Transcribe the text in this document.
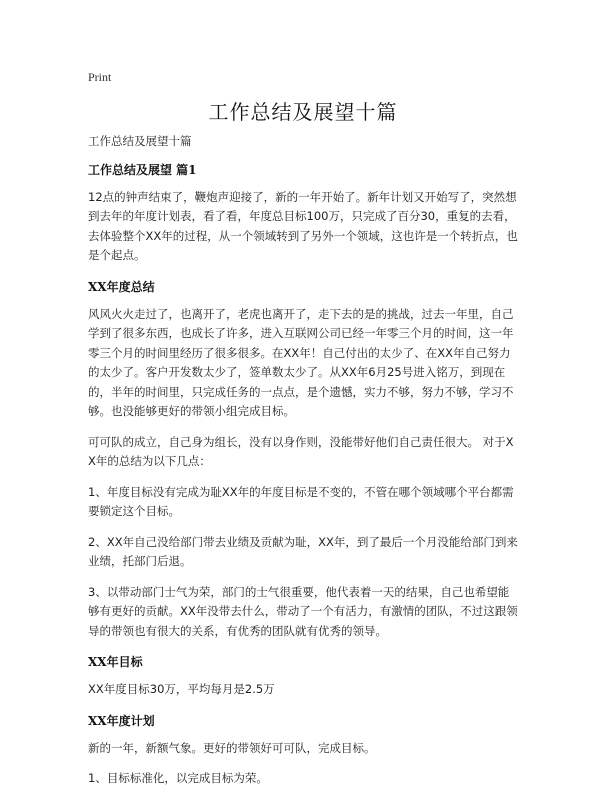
Print
工作总结及展望十篇

工作总结及展望十篇

工作总结及展望 篇1

12点的钟声结束了，鞭炮声迎接了，新的一年开始了。新年计划又开始写了，突然想到去年的年度计划表，看了看，年度总目标100万，只完成了百分30，重复的去看，去体验整个XX年的过程，从一个领域转到了另外一个领域，这也许是一个转折点，也是个起点。

XX年度总结

风风火火走过了，也离开了，老虎也离开了，走下去的是的挑战，过去一年里，自己学到了很多东西，也成长了许多，进入互联网公司已经一年零三个月的时间，这一年零三个月的时间里经历了很多很多。在XX年！自己付出的太少了、在XX年自己努力的太少了。客户开发数太少了，签单数太少了。从XX年6月25号进入铭万，到现在的，半年的时间里，只完成任务的一点点，是个遗憾，实力不够，努力不够，学习不够。也没能够更好的带领小组完成目标。

可可队的成立，自己身为组长，没有以身作则，没能带好他们自己责任很大。 对于XX年的总结为以下几点：

1、年度目标没有完成为耻XX年的年度目标是不变的，不管在哪个领域哪个平台都需要锁定这个目标。

2、XX年自己没给部门带去业绩及贡献为耻，XX年，到了最后一个月没能给部门到来业绩，托部门后退。

3、以带动部门士气为荣，部门的士气很重要，他代表着一天的结果，自己也希望能够有更好的贡献。XX年没带去什么，带动了一个有活力，有激情的团队，不过这跟领导的带领也有很大的关系，有优秀的团队就有优秀的领导。

XX年目标

XX年度目标30万，平均每月是2.5万

XX年度计划

新的一年，新额气象。更好的带领好可可队，完成目标。

1、目标标准化，以完成目标为荣。
